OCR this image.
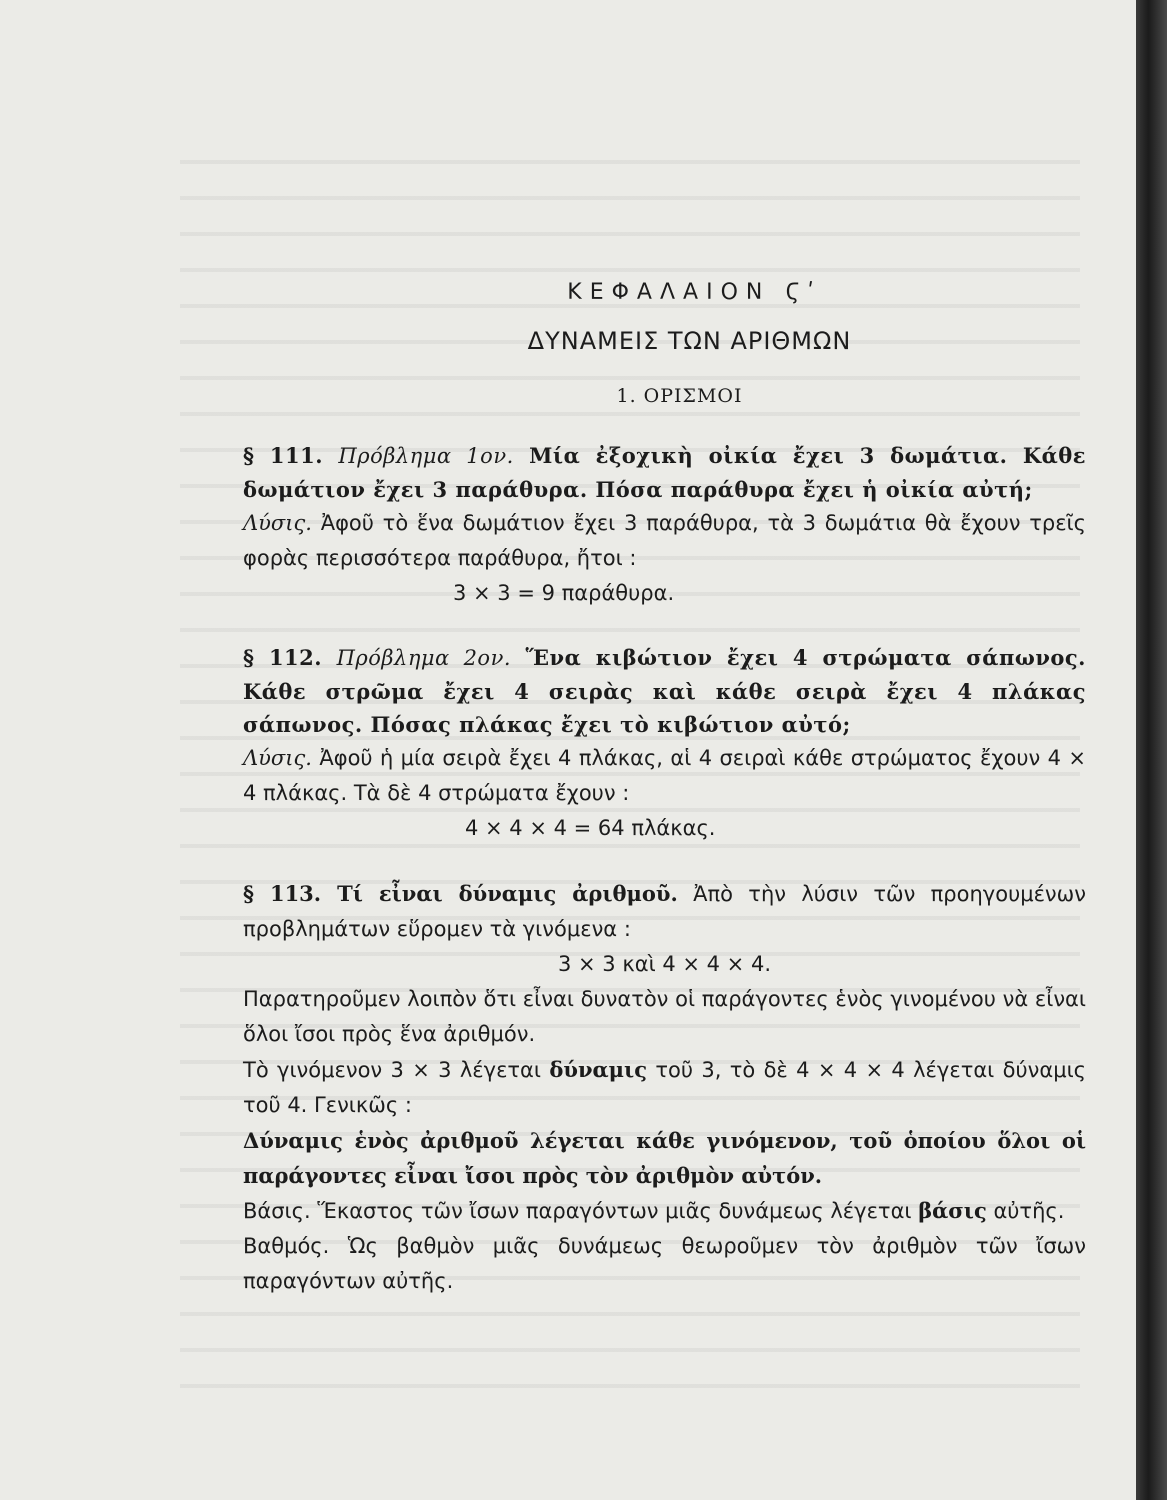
ΚΕΦΑΛΑΙΟΝ Ϛʹ
ΔΥΝΑΜΕΙΣ ΤΩΝ ΑΡΙΘΜΩΝ
1. ΟΡΙΣΜΟΙ

§ 111. Πρόβλημα 1ον. Μία ἐξοχικὴ οἰκία ἔχει 3 δωμάτια. Κάθε δωμάτιον ἔχει 3 παράθυρα. Πόσα παράθυρα ἔχει ἡ οἰκία αὐτή;

Λύσις. Ἀφοῦ τὸ ἕνα δωμάτιον ἔχει 3 παράθυρα, τὰ 3 δωμάτια θὰ ἔχουν τρεῖς φορὰς περισσότερα παράθυρα, ἤτοι :

3 × 3 = 9 παράθυρα.

§ 112. Πρόβλημα 2ον. Ἕνα κιβώτιον ἔχει 4 στρώματα σάπωνος. Κάθε στρῶμα ἔχει 4 σειρὰς καὶ κάθε σειρὰ ἔχει 4 πλάκας σάπωνος. Πόσας πλάκας ἔχει τὸ κιβώτιον αὐτό;

Λύσις. Ἀφοῦ ἡ μία σειρὰ ἔχει 4 πλάκας, αἱ 4 σειραὶ κάθε στρώματος ἔχουν 4 × 4 πλάκας. Τὰ δὲ 4 στρώματα ἔχουν :

4 × 4 × 4 = 64 πλάκας.

§ 113. Τί εἶναι δύναμις ἀριθμοῦ. Ἀπὸ τὴν λύσιν τῶν προηγουμένων προβλημάτων εὕρομεν τὰ γινόμενα :

3 × 3 καὶ 4 × 4 × 4.

Παρατηροῦμεν λοιπὸν ὅτι εἶναι δυνατὸν οἱ παράγοντες ἑνὸς γινομένου νὰ εἶναι ὅλοι ἴσοι πρὸς ἕνα ἀριθμόν.

Τὸ γινόμενον 3 × 3 λέγεται δύναμις τοῦ 3, τὸ δὲ 4 × 4 × 4 λέγεται δύναμις τοῦ 4. Γενικῶς :

Δύναμις ἑνὸς ἀριθμοῦ λέγεται κάθε γινόμενον, τοῦ ὁποίου ὅλοι οἱ παράγοντες εἶναι ἴσοι πρὸς τὸν ἀριθμὸν αὐτόν.

Βάσις. Ἕκαστος τῶν ἴσων παραγόντων μιᾶς δυνάμεως λέγεται βάσις αὐτῆς.

Βαθμός. Ὡς βαθμὸν μιᾶς δυνάμεως θεωροῦμεν τὸν ἀριθμὸν τῶν ἴσων παραγόντων αὐτῆς.
